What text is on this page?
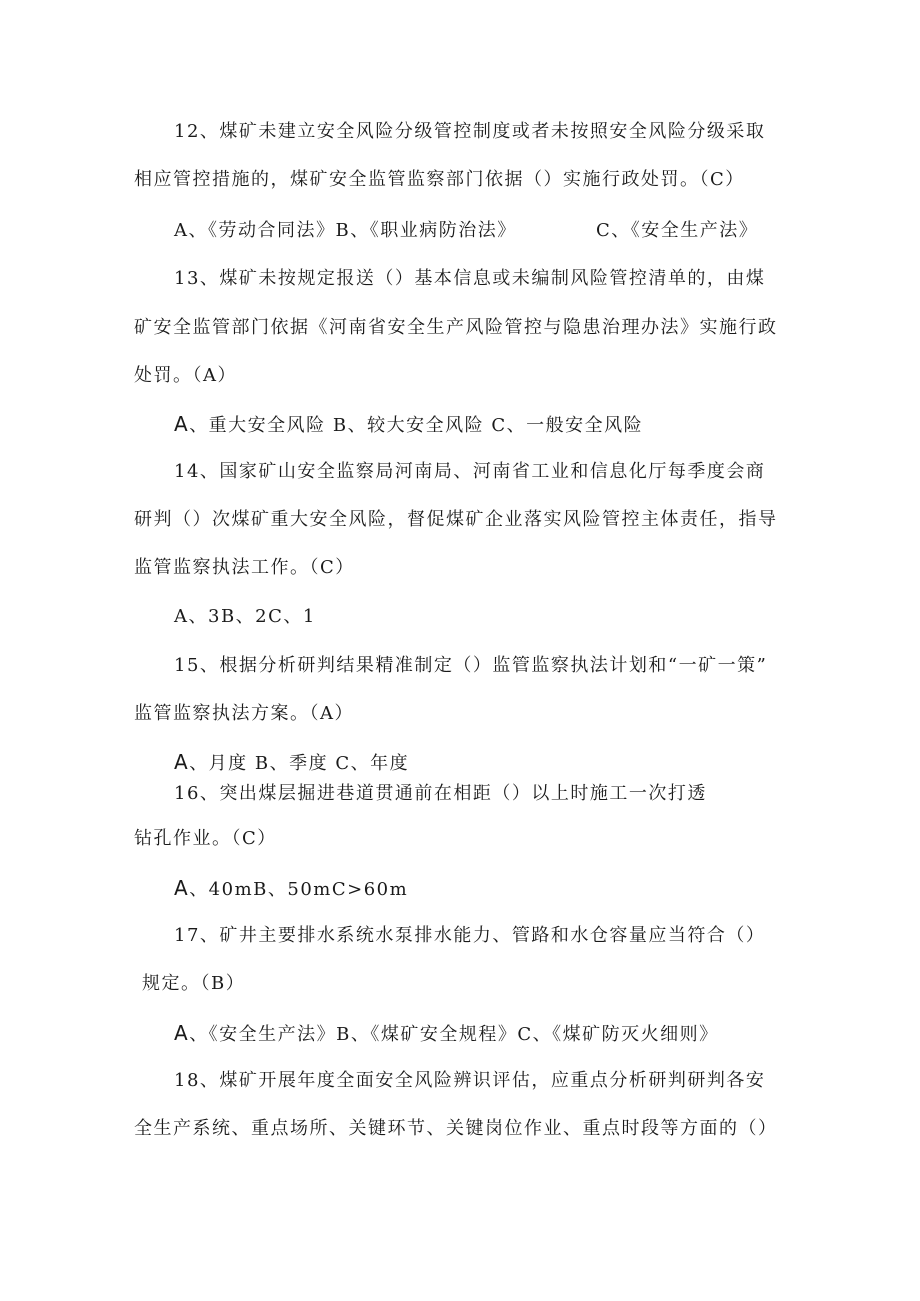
12、煤矿未建立安全风险分级管控制度或者未按照安全风险分级采取
相应管控措施的，煤矿安全监管监察部门依据（）实施行政处罚。（C）
A、《劳动合同法》B、《职业病防治法》	C、《安全生产法》
13、煤矿未按规定报送（）基本信息或未编制风险管控清单的，由煤
矿安全监管部门依据《河南省安全生产风险管控与隐患治理办法》实施行政
处罚。（A）
A、重大安全风险 B、较大安全风险 C、一般安全风险
14、国家矿山安全监察局河南局、河南省工业和信息化厅每季度会商
研判（）次煤矿重大安全风险，督促煤矿企业落实风险管控主体责任，指导
监管监察执法工作。（C）
A、3B、2C、1
15、根据分析研判结果精准制定（）监管监察执法计划和“一矿一策”
监管监察执法方案。（A）
A、月度 B、季度 C、年度
16、突出煤层掘进巷道贯通前在相距（）以上时施工一次打透
钻孔作业。（C）
A、40mB、50mC>60m
17、矿井主要排水系统水泵排水能力、管路和水仓容量应当符合（）
规定。（B）
A、《安全生产法》B、《煤矿安全规程》C、《煤矿防灭火细则》
18、煤矿开展年度全面安全风险辨识评估，应重点分析研判研判各安
全生产系统、重点场所、关键环节、关键岗位作业、重点时段等方面的（）
